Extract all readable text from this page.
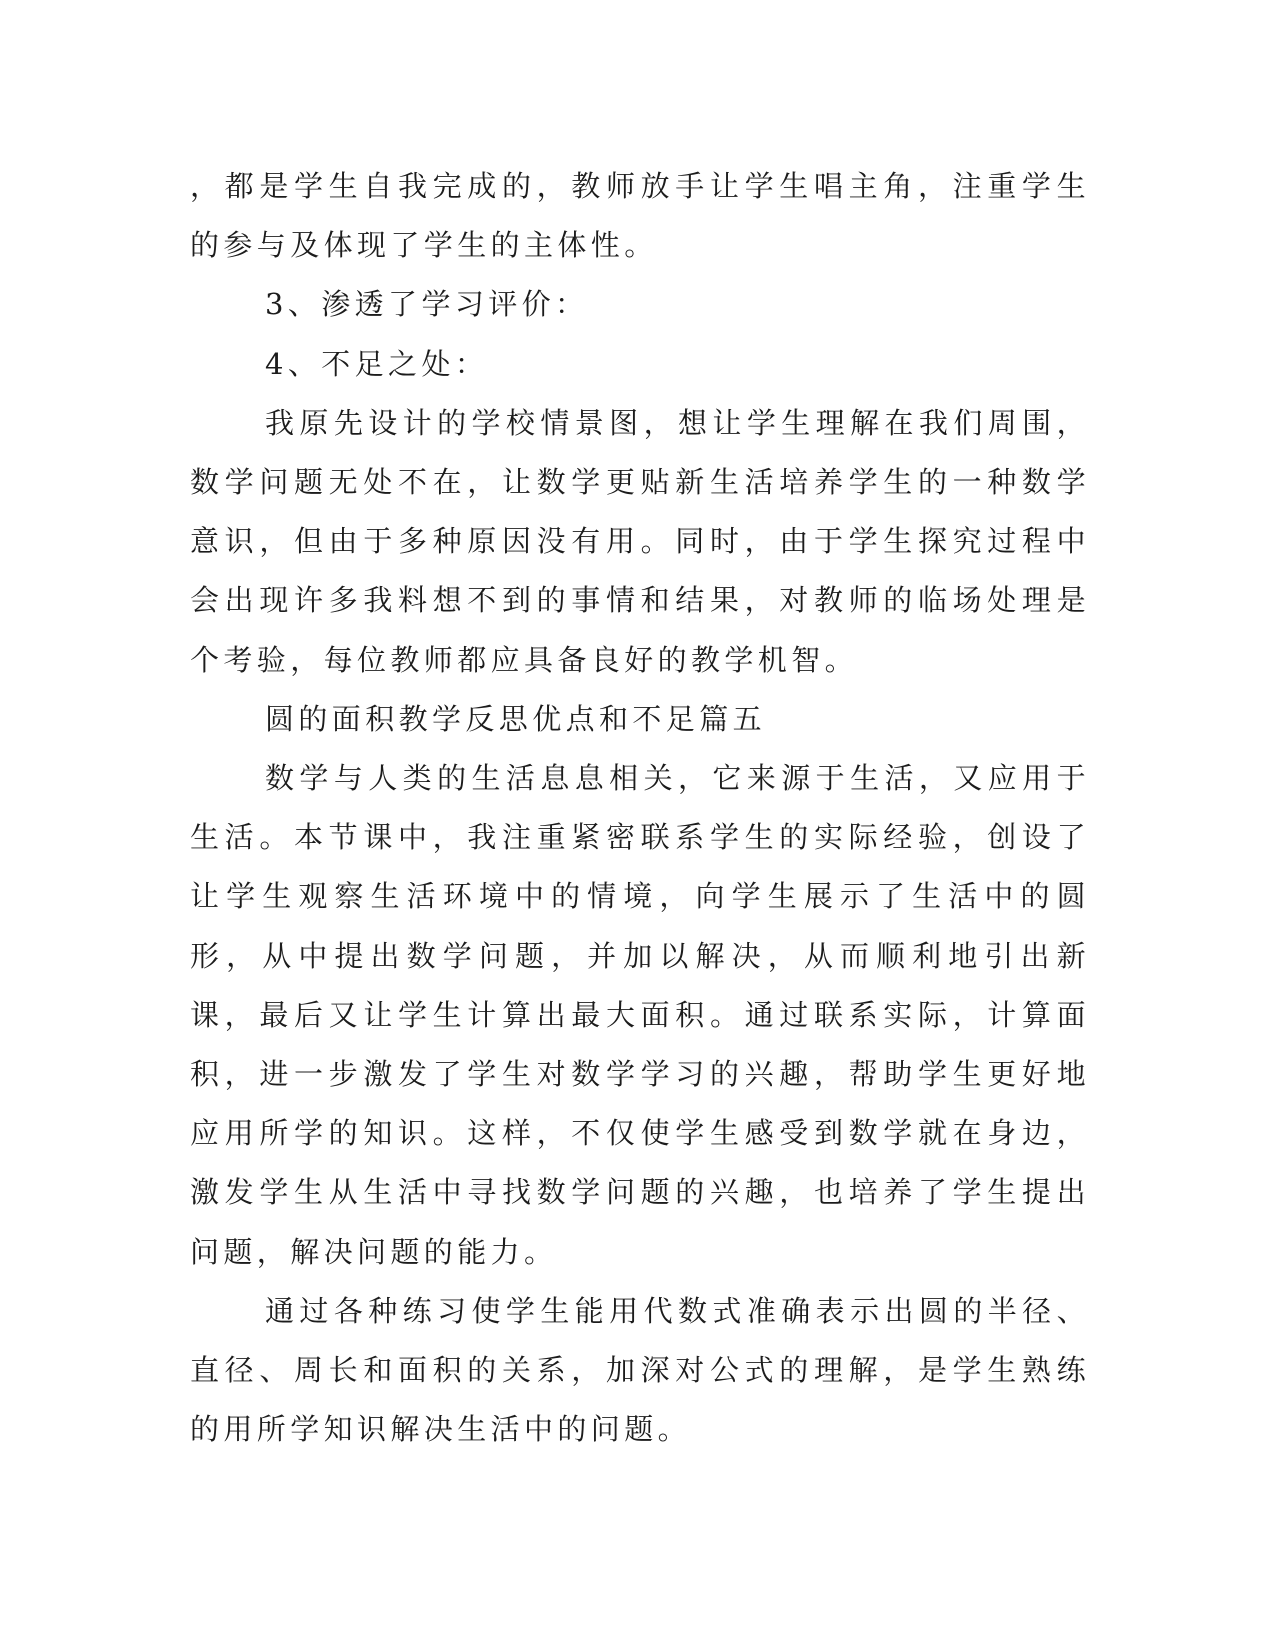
，都是学生自我完成的，教师放手让学生唱主角，注重学生的参与及体现了学生的主体性。

3、渗透了学习评价：

4、不足之处：

我原先设计的学校情景图，想让学生理解在我们周围，数学问题无处不在，让数学更贴新生活培养学生的一种数学意识，但由于多种原因没有用。同时，由于学生探究过程中会出现许多我料想不到的事情和结果，对教师的临场处理是个考验，每位教师都应具备良好的教学机智。

圆的面积教学反思优点和不足篇五

数学与人类的生活息息相关，它来源于生活，又应用于生活。本节课中，我注重紧密联系学生的实际经验，创设了让学生观察生活环境中的情境，向学生展示了生活中的圆形，从中提出数学问题，并加以解决，从而顺利地引出新课，最后又让学生计算出最大面积。通过联系实际，计算面积，进一步激发了学生对数学学习的兴趣，帮助学生更好地应用所学的知识。这样，不仅使学生感受到数学就在身边，激发学生从生活中寻找数学问题的兴趣，也培养了学生提出问题，解决问题的能力。

通过各种练习使学生能用代数式准确表示出圆的半径、直径、周长和面积的关系，加深对公式的理解，是学生熟练的用所学知识解决生活中的问题。
